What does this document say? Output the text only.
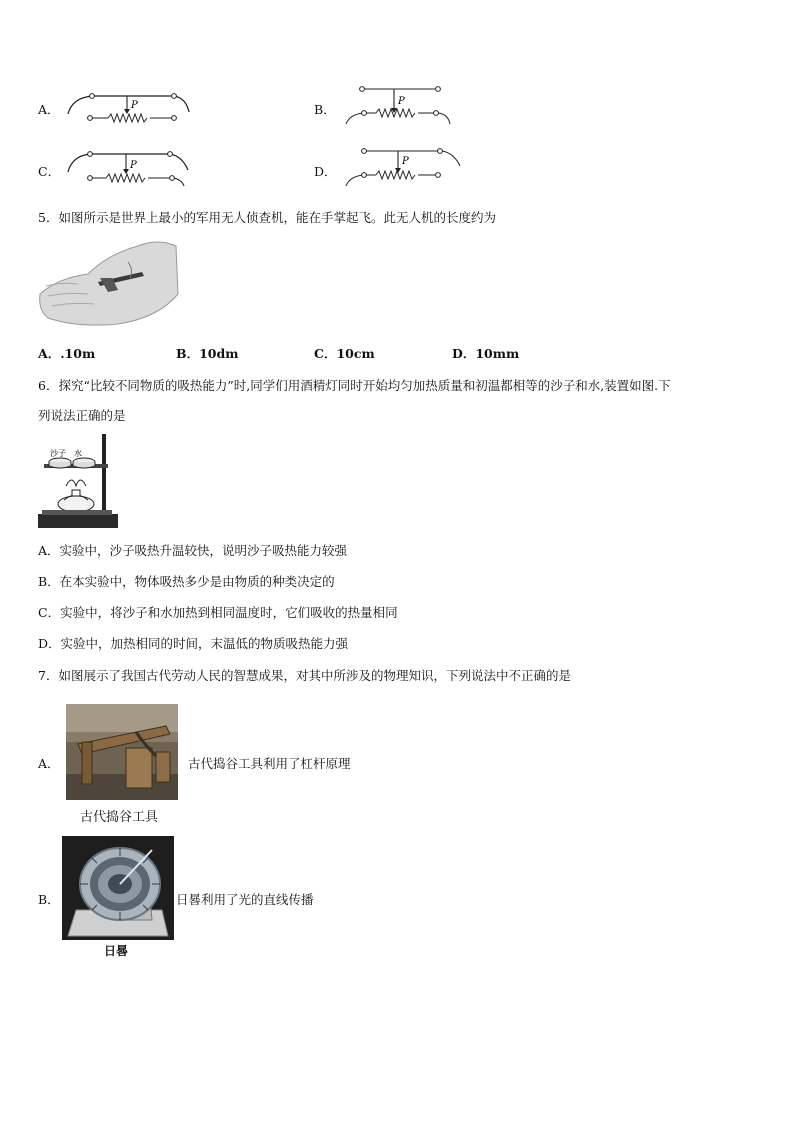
A．	P	B．
P
C．	P	D．
P
5．如图所示是世界上最小的军用无人侦查机，能在手掌起飞。此无人机的长度约为
A．.10m	B．10dm	C．10cm	D．10mm
6．探究“比较不同物质的吸热能力”时,同学们用酒精灯同时开始均匀加热质量和初温都相等的沙子和水,装置如图.下
列说法正确的是
沙子 水
A．实验中，沙子吸热升温较快，说明沙子吸热能力较强
B．在本实验中，物体吸热多少是由物质的种类决定的
C．实验中，将沙子和水加热到相同温度时，它们吸收的热量相同
D．实验中，加热相同的时间，末温低的物质吸热能力强
7．如图展示了我国古代劳动人民的智慧成果，对其中所涉及的物理知识，下列说法中不正确的是
A．	古代捣谷工具利用了杠杆原理
古代捣谷工具
B．	日晷利用了光的直线传播
日晷
